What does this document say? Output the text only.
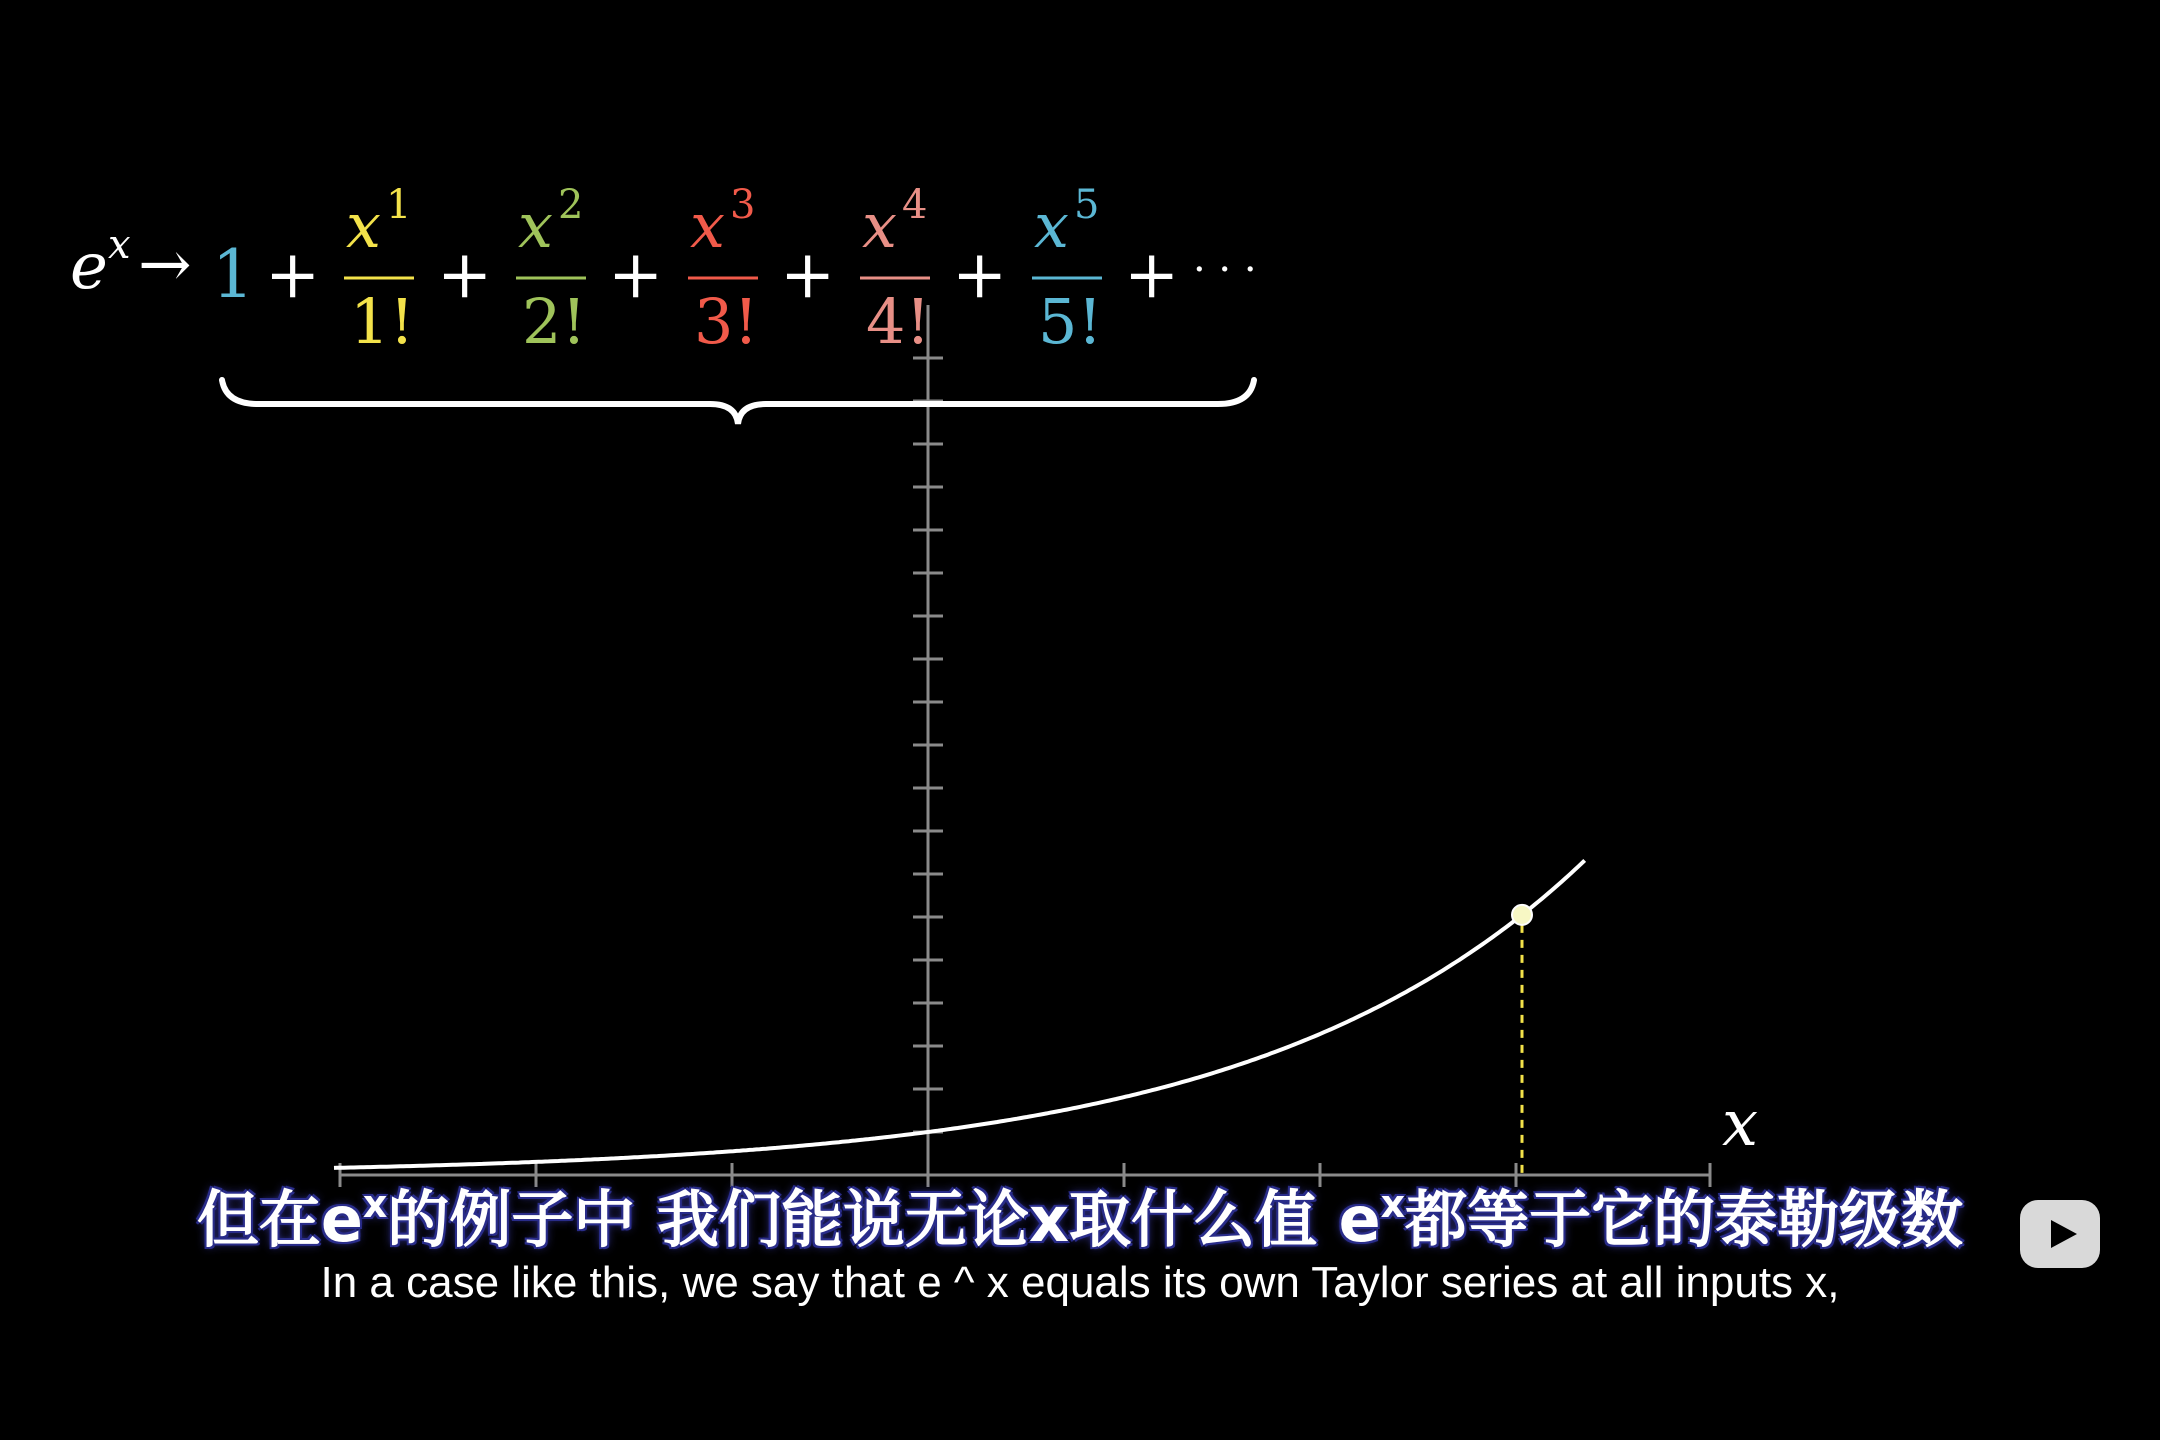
x
e x → 1 + + + + + +
x 1
1!
x 2
2!
x 3
3!
x 4
4!
x 5
5!
· · ·
但在$e^x$的例子中 我们能说无论x取什么值 $e^x$都等于它的泰勒级数
In a case like this, we say that e ^ x equals its own Taylor series at all inputs x,
